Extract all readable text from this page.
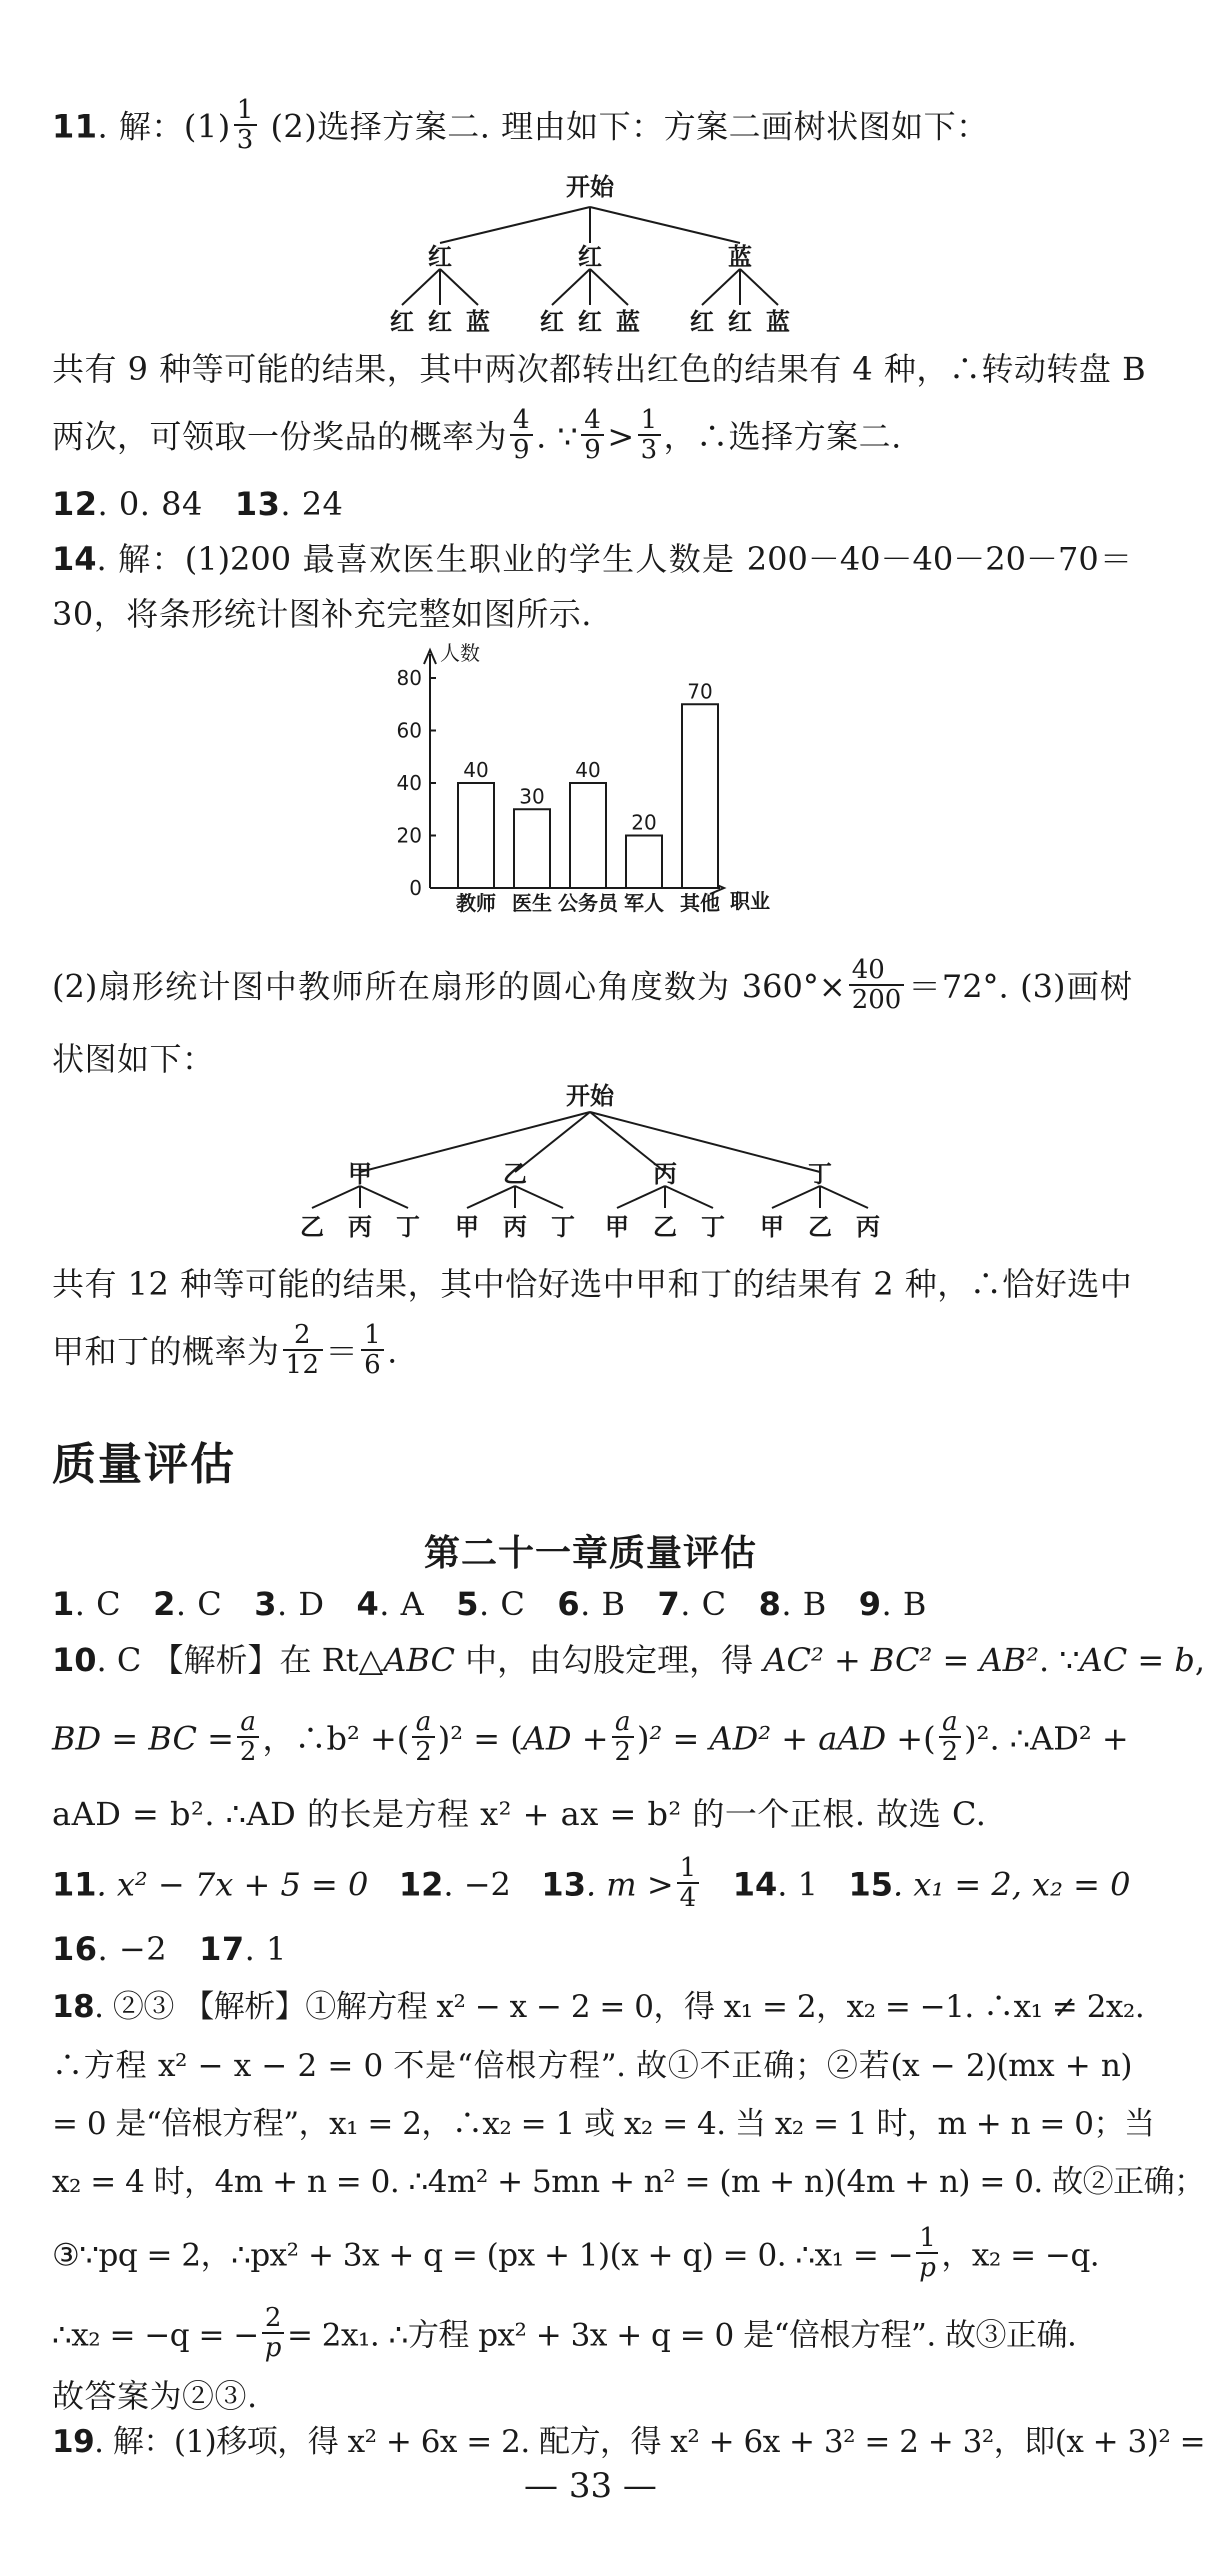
11. 解：$(1) \frac{1}{3} (2)$选择方案二. 理由如下：方案二画树状图如下：
开始
红	红	蓝
红 红 蓝 红 红 蓝 红 红 蓝
共有 9 种等可能的结果，其中两次都转出红色的结果有 4 种，∴转动转盘 B
两次，可领取一份奖品的概率为 $\frac{4}{9}$ . ∵ $\frac{4}{9} > \frac{1}{3}$ ，∴选择方案二.
12. 0. 84 13. 24
14. 解：(1)200 最喜欢医生职业的学生人数是 200－40－40－20－70＝
30，将条形统计图补充完整如图所示.
人数
0
20
40
60
80
40
教师
30
医生
40
公务员
20
军人
70
其他 职业
(2)扇形统计图中教师所在扇形的圆心角度数为 $360^\circ\times \frac{40}{200} =72^\circ$. (3)画树
状图如下：
开始
甲	乙	丙	丁
乙 丙 丁 甲 丙 丁 甲 乙 丁 甲 乙 丙
共有 12 种等可能的结果，其中恰好选中甲和丁的结果有 2 种，∴恰好选中
甲和丁的概率为 $\frac{2}{12} = \frac{1}{6}$ .
质量评估
第二十一章质量评估
1. C 2. C 3. D 4. A 5. C 6. B 7. C 8. B 9. B
10. C 【解析】在 Rt△ABC 中，由勾股定理，得 AC² + BC² = AB². ∵AC = b,
BD = BC = $\frac{a}{2}$ ，∴b² +( $\frac{a}{2} )^2 = (AD + \frac{a}{2} )^2 = AD^2$ + aAD +( $\frac{a}{2} )^2$. ∴AD² +
aAD = b². ∴AD 的长是方程 x² + ax = b² 的一个正根. 故选 C.
11. x² − 7x + 5 = 0 12. −2 13. $m > \frac{1}{4} 14$. 1 15. x₁ = 2, x₂ = 0
16. −2 17. 1
18. ②③ 【解析】①解方程 x² − x − 2 = 0，得 x₁ = 2，x₂ = −1. ∴x₁ ≠ 2x₂.
∴方程 x² − x − 2 = 0 不是“倍根方程”. 故①不正确；②若(x − 2)(mx + n)
= 0 是“倍根方程”，x₁ = 2，∴x₂ = 1 或 x₂ = 4. 当 x₂ = 1 时，m + n = 0；当
x₂ = 4 时，4m + n = 0. ∴4m² + 5mn + n² = (m + n)(4m + n) = 0. 故②正确；
③∵pq = 2，∴px² + 3x + q = (px + 1)(x + q) = 0. ∴x₁ = − $\frac{1}{p}$ ，x₂ = −q.
∴x₂ = −q = − $\frac{2}{p} = 2x_1$. ∴方程 px² + 3x + q = 0 是“倍根方程”. 故③正确.
故答案为②③.
19. 解：(1)移项，得 x² + 6x = 2. 配方，得 x² + 6x + 3² = 2 + 3²，即(x + 3)² =
— 33 —
